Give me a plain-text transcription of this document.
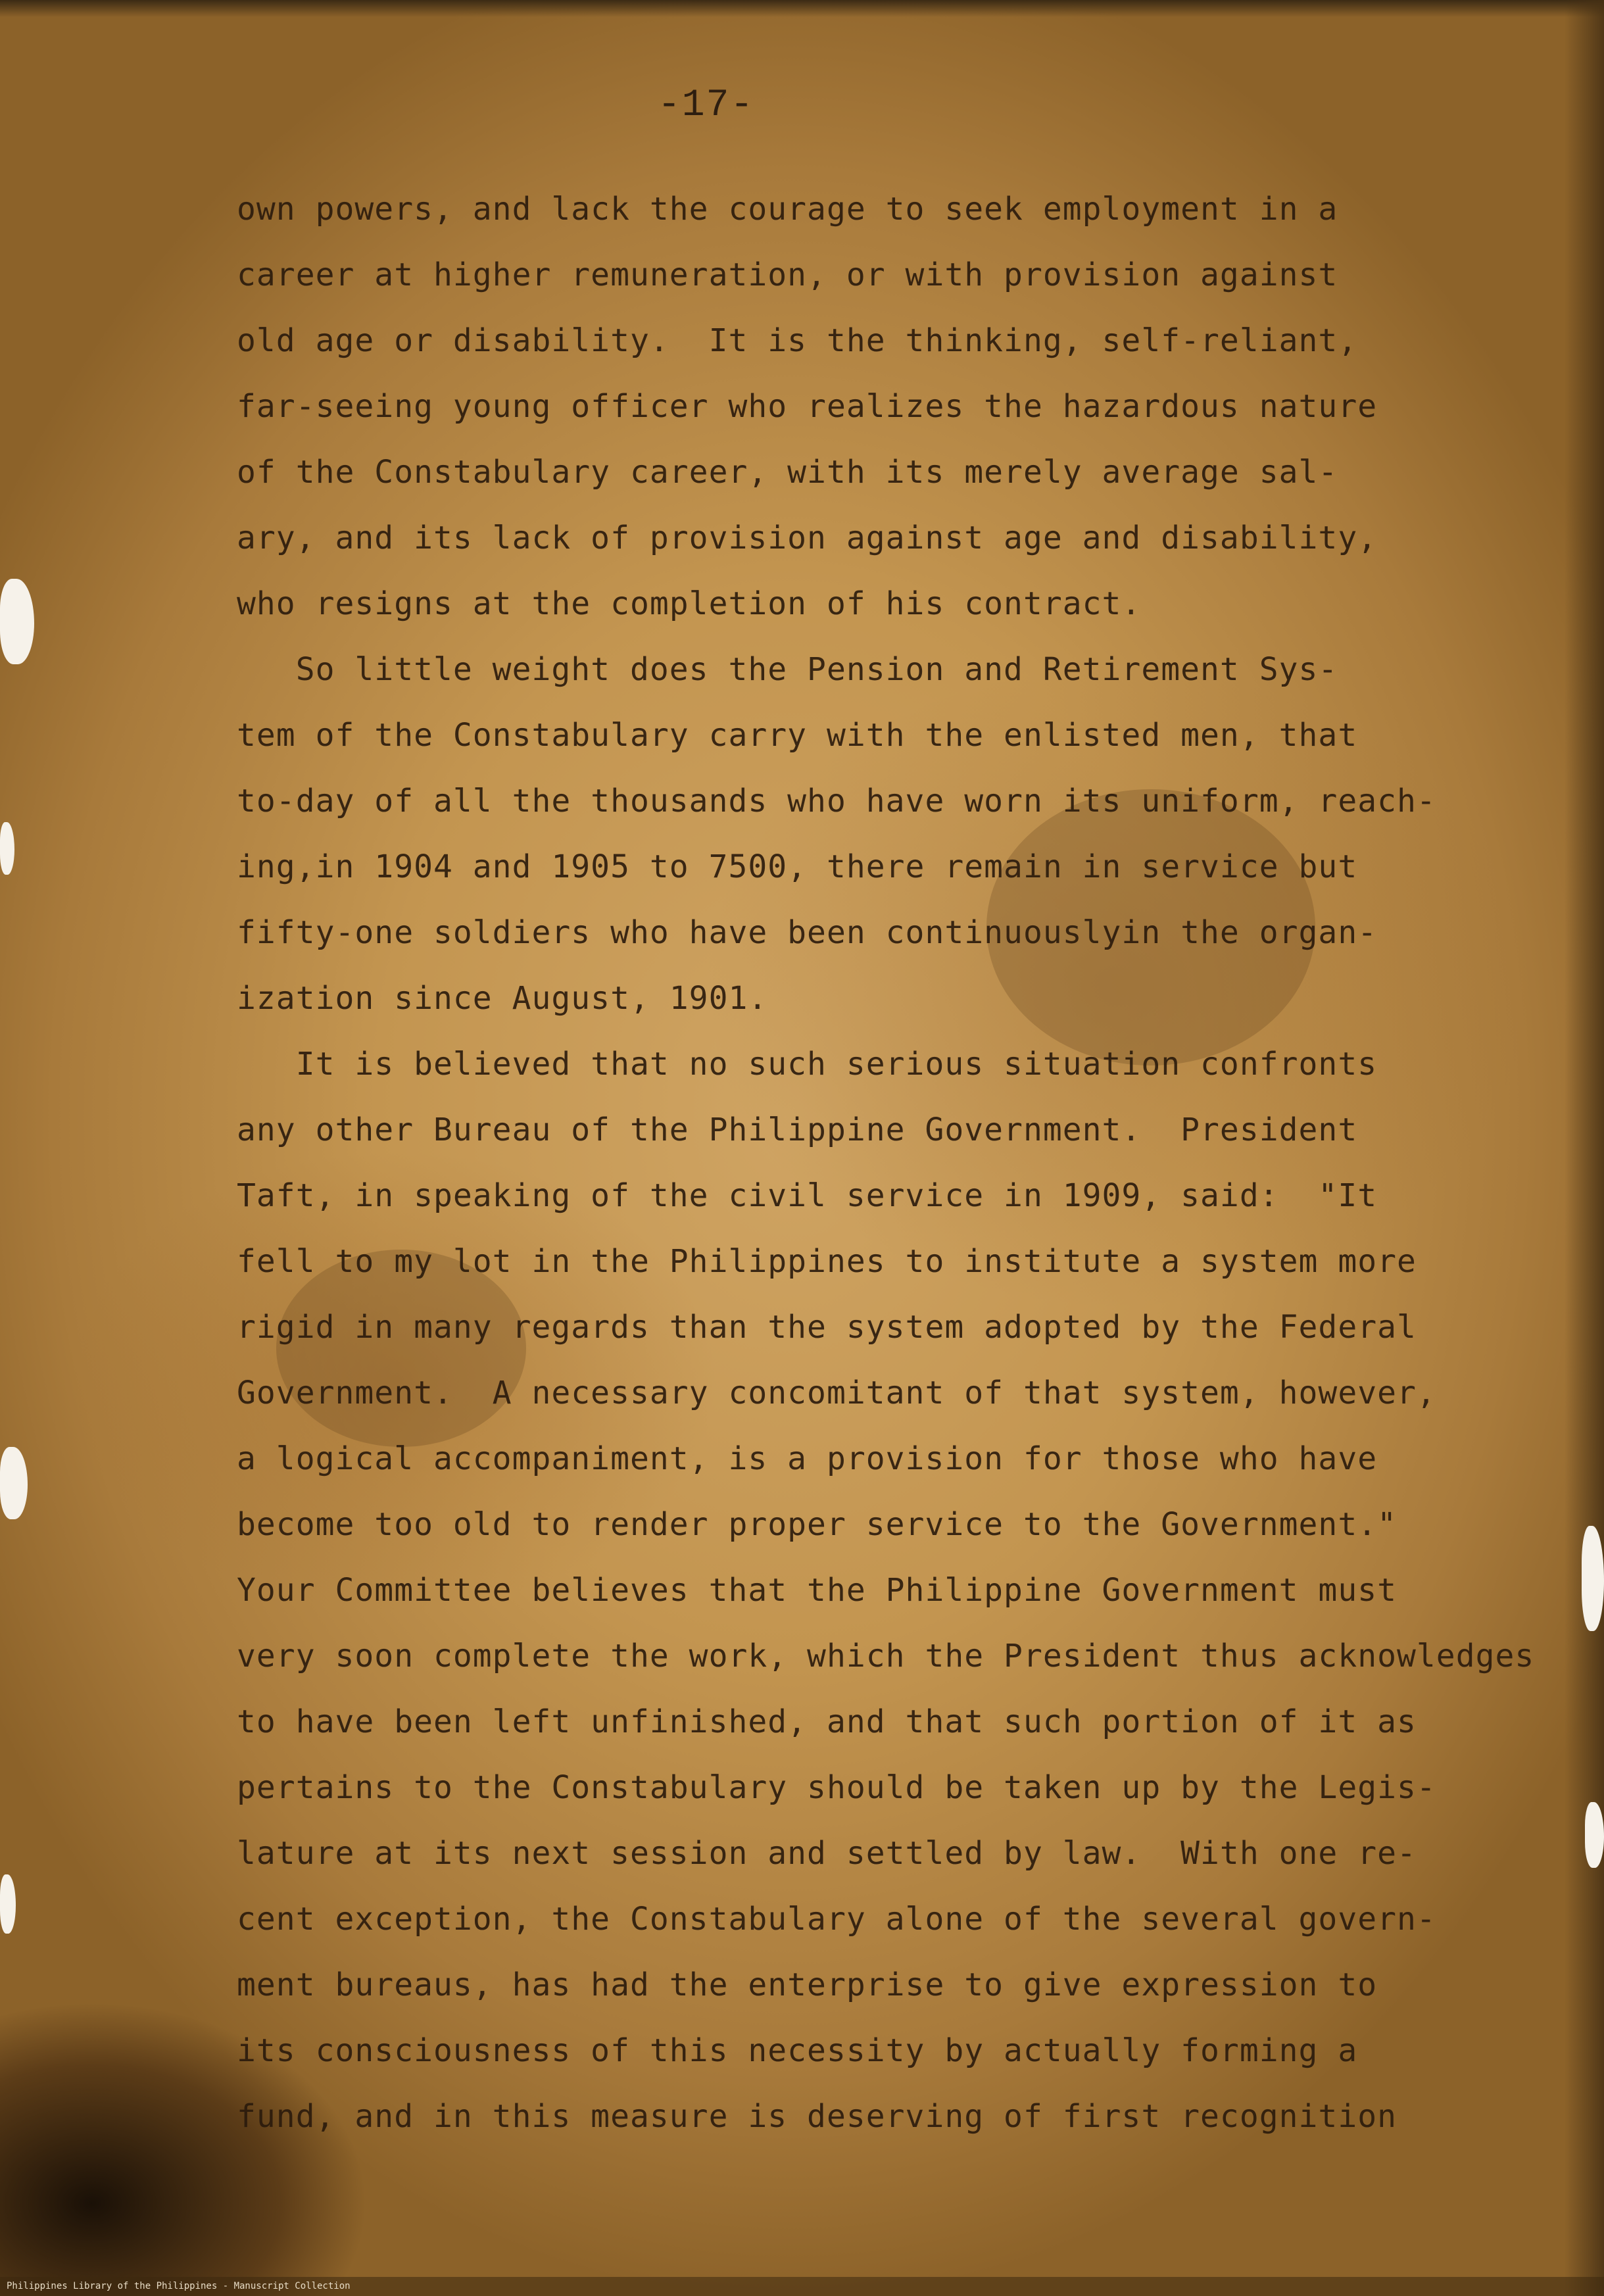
-17-
own powers, and lack the courage to seek employment in a
career at higher remuneration, or with provision against
old age or disability.  It is the thinking, self-reliant,
far-seeing young officer who realizes the hazardous nature
of the Constabulary career, with its merely average sal-
ary, and its lack of provision against age and disability,
who resigns at the completion of his contract.
So little weight does the Pension and Retirement Sys-
tem of the Constabulary carry with the enlisted men, that
to-day of all the thousands who have worn its uniform, reach-
ing,in 1904 and 1905 to 7500, there remain in service but
fifty-one soldiers who have been continuouslyin the organ-
ization since August, 1901.
It is believed that no such serious situation confronts
any other Bureau of the Philippine Government.  President
Taft, in speaking of the civil service in 1909, said:  "It
fell to my lot in the Philippines to institute a system more
rigid in many regards than the system adopted by the Federal
Government.  A necessary concomitant of that system, however,
a logical accompaniment, is a provision for those who have
become too old to render proper service to the Government."
Your Committee believes that the Philippine Government must
very soon complete the work, which the President thus acknowledges
to have been left unfinished, and that such portion of it as
pertains to the Constabulary should be taken up by the Legis-
lature at its next session and settled by law.  With one re-
cent exception, the Constabulary alone of the several govern-
ment bureaus, has had the enterprise to give expression to
its consciousness of this necessity by actually forming a
fund, and in this measure is deserving of first recognition
Philippines Library of the Philippines - Manuscript Collection
